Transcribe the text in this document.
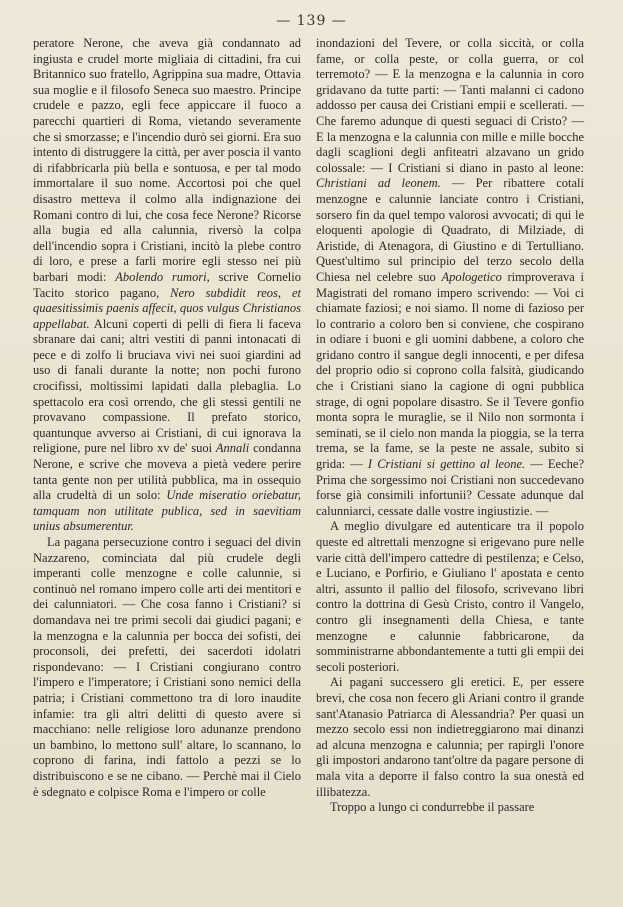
— 139 —

peratore Nerone, che aveva già condannato ad ingiusta e crudel morte migliaia di cittadini, fra cui Britannico suo fratello, Agrippina sua madre, Ottavia sua moglie e il filosofo Seneca suo maestro. Principe crudele e pazzo, egli fece appiccare il fuoco a parecchi quartieri di Roma, vietando severamente che si smorzasse; e l'incendio durò sei giorni. Era suo intento di distruggere la città, per aver poscia il vanto di rifabbricarla più bella e sontuosa, e per tal modo immortalare il suo nome. Accortosi poi che quel disastro metteva il colmo alla indignazione dei Romani contro di lui, che cosa fece Nerone? Ricorse alla bugia ed alla calunnia, riversò la colpa dell'incendio sopra i Cristiani, incitò la plebe contro di loro, e prese a farli morire egli stesso nei più barbari modi: Abolendo rumori, scrive Cornelio Tacito storico pagano, Nero subdidit reos, et quaesitissimis paenis affecit, quos vulgus Christianos appellabat. Alcuni coperti di pelli di fiera li faceva sbranare dai cani; altri vestiti di panni intonacati di pece e di zolfo li bruciava vivi nei suoi giardini ad uso di fanali durante la notte; non pochi furono crocifissi, moltissimi lapidati dalla plebaglia. Lo spettacolo era così orrendo, che gli stessi gentili ne provavano compassione. Il prefato storico, quantunque avverso ai Cristiani, di cui ignorava la religione, pure nel libro xv de' suoi Annali condanna Nerone, e scrive che moveva a pietà vedere perire tanta gente non per utilità pubblica, ma in ossequio alla crudeltà di un solo: Unde miseratio oriebatur, tamquam non utilitate publica, sed in saevitiam unius absumerentur.

La pagana persecuzione contro i seguaci del divin Nazzareno, cominciata dal più crudele degli imperanti colle menzogne e colle calunnie, si continuò nel romano impero colle arti dei mentitori e dei calunniatori. — Che cosa fanno i Cristiani? si domandava nei tre primi secoli dai giudici pagani; e la menzogna e la calunnia per bocca dei sofisti, dei proconsoli, dei prefetti, dei sacerdoti idolatri rispondevano: — I Cristiani congiurano contro l'impero e l'imperatore; i Cristiani sono nemici della patria; i Cristiani commettono tra di loro inaudite infamie: tra gli altri delitti di questo avere si macchiano: nelle religiose loro adunanze prendono un bambino, lo mettono sull' altare, lo scannano, lo coprono di farina, indi fattolo a pezzi se lo distribuiscono e se ne cibano. — Perchè mai il Cielo è sdegnato e colpisce Roma e l'impero or colle

inondazioni del Tevere, or colla siccità, or colla fame, or colla peste, or colla guerra, or col terremoto? — E la menzogna e la calunnia in coro gridavano da tutte parti: — Tanti malanni ci cadono addosso per causa dei Cristiani empii e scellerati. — Che faremo adunque di questi seguaci di Cristo? — E la menzogna e la calunnia con mille e mille bocche dagli scaglioni degli anfiteatri alzavano un grido colossale: — I Cristiani si diano in pasto al leone: Christiani ad leonem. — Per ribattere cotali menzogne e calunnie lanciate contro i Cristiani, sorsero fin da quel tempo valorosi avvocati; di qui le eloquenti apologie di Quadrato, di Milziade, di Aristide, di Atenagora, di Giustino e di Tertulliano. Quest'ultimo sul principio del terzo secolo della Chiesa nel celebre suo Apologetico rimproverava i Magistrati del romano impero scrivendo: — Voi ci chiamate faziosi; e noi siamo. Il nome di fazioso per lo contrario a coloro ben si conviene, che cospirano in odiare i buoni e gli uomini dabbene, a coloro che gridano contro il sangue degli innocenti, e per difesa del proprio odio si coprono colla falsità, giudicando che i Cristiani siano la cagione di ogni pubblica strage, di ogni popolare disastro. Se il Tevere gonfio monta sopra le muraglie, se il Nilo non sormonta i seminati, se il cielo non manda la pioggia, se la terra trema, se la fame, se la peste ne assale, subito si grida: — I Cristiani si gettino al leone. — Eeche? Prima che sorgessimo noi Cristiani non succedevano forse già consimili infortunii? Cessate adunque dal calunniarci, cessate dalle vostre ingiustizie. —

A meglio divulgare ed autenticare tra il popolo queste ed altrettali menzogne si erigevano pure nelle varie città dell'impero cattedre di pestilenza; e Celso, e Luciano, e Porfirio, e Giuliano l' apostata e cento altri, assunto il pallio del filosofo, scrivevano libri contro la dottrina di Gesù Cristo, contro il Vangelo, contro gli insegnamenti della Chiesa, e tante menzogne e calunnie fabbricarone, da somministrarne abbondantemente a tutti gli empii dei secoli posteriori.

Ai pagani successero gli eretici. E, per essere brevi, che cosa non fecero gli Ariani contro il grande sant'Atanasio Patriarca di Alessandria? Per quasi un mezzo secolo essi non indietreggiarono mai dinanzi ad alcuna menzogna e calunnia; per rapirgli l'onore gli impostori andarono tant'oltre da pagare persone di mala vita a deporre il falso contro la sua onestà ed illibatezza.

Troppo a lungo ci condurrebbe il passare
